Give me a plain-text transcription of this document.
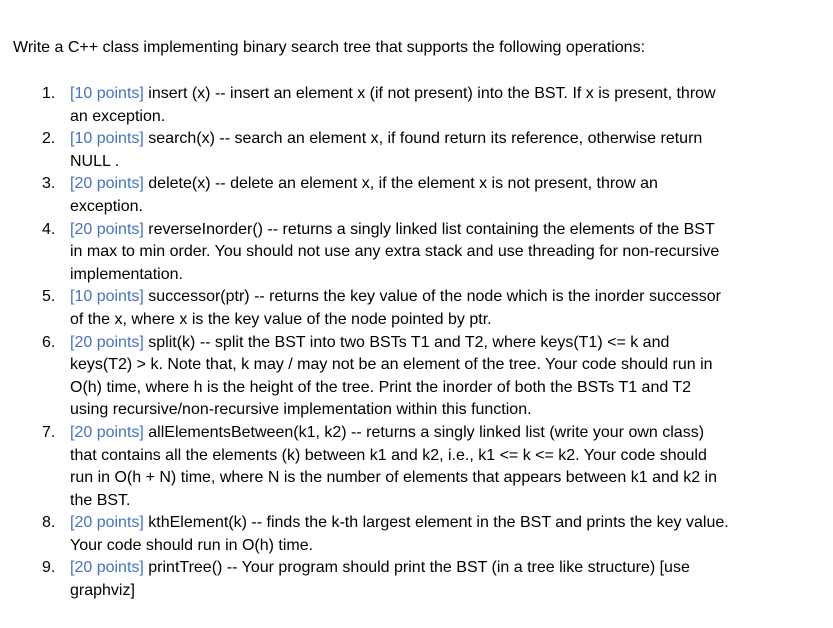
Write a C++ class implementing binary search tree that supports the following operations:
1. [10 points] insert (x) -- insert an element x (if not present) into the BST. If x is present, throw an exception.
2. [10 points] search(x) -- search an element x, if found return its reference, otherwise return NULL .
3. [20 points] delete(x) -- delete an element x, if the element x is not present, throw an exception.
4. [20 points] reverseInorder() -- returns a singly linked list containing the elements of the BST in max to min order. You should not use any extra stack and use threading for non-recursive implementation.
5. [10 points] successor(ptr) -- returns the key value of the node which is the inorder successor of the x, where x is the key value of the node pointed by ptr.
6. [20 points] split(k) -- split the BST into two BSTs T1 and T2, where keys(T1) <= k and keys(T2) > k. Note that, k may / may not be an element of the tree. Your code should run in O(h) time, where h is the height of the tree. Print the inorder of both the BSTs T1 and T2 using recursive/non-recursive implementation within this function.
7. [20 points] allElementsBetween(k1, k2) -- returns a singly linked list (write your own class) that contains all the elements (k) between k1 and k2, i.e., k1 <= k <= k2. Your code should run in O(h + N) time, where N is the number of elements that appears between k1 and k2 in the BST.
8. [20 points] kthElement(k) -- finds the k-th largest element in the BST and prints the key value. Your code should run in O(h) time.
9. [20 points] printTree() -- Your program should print the BST (in a tree like structure) [use graphviz]
